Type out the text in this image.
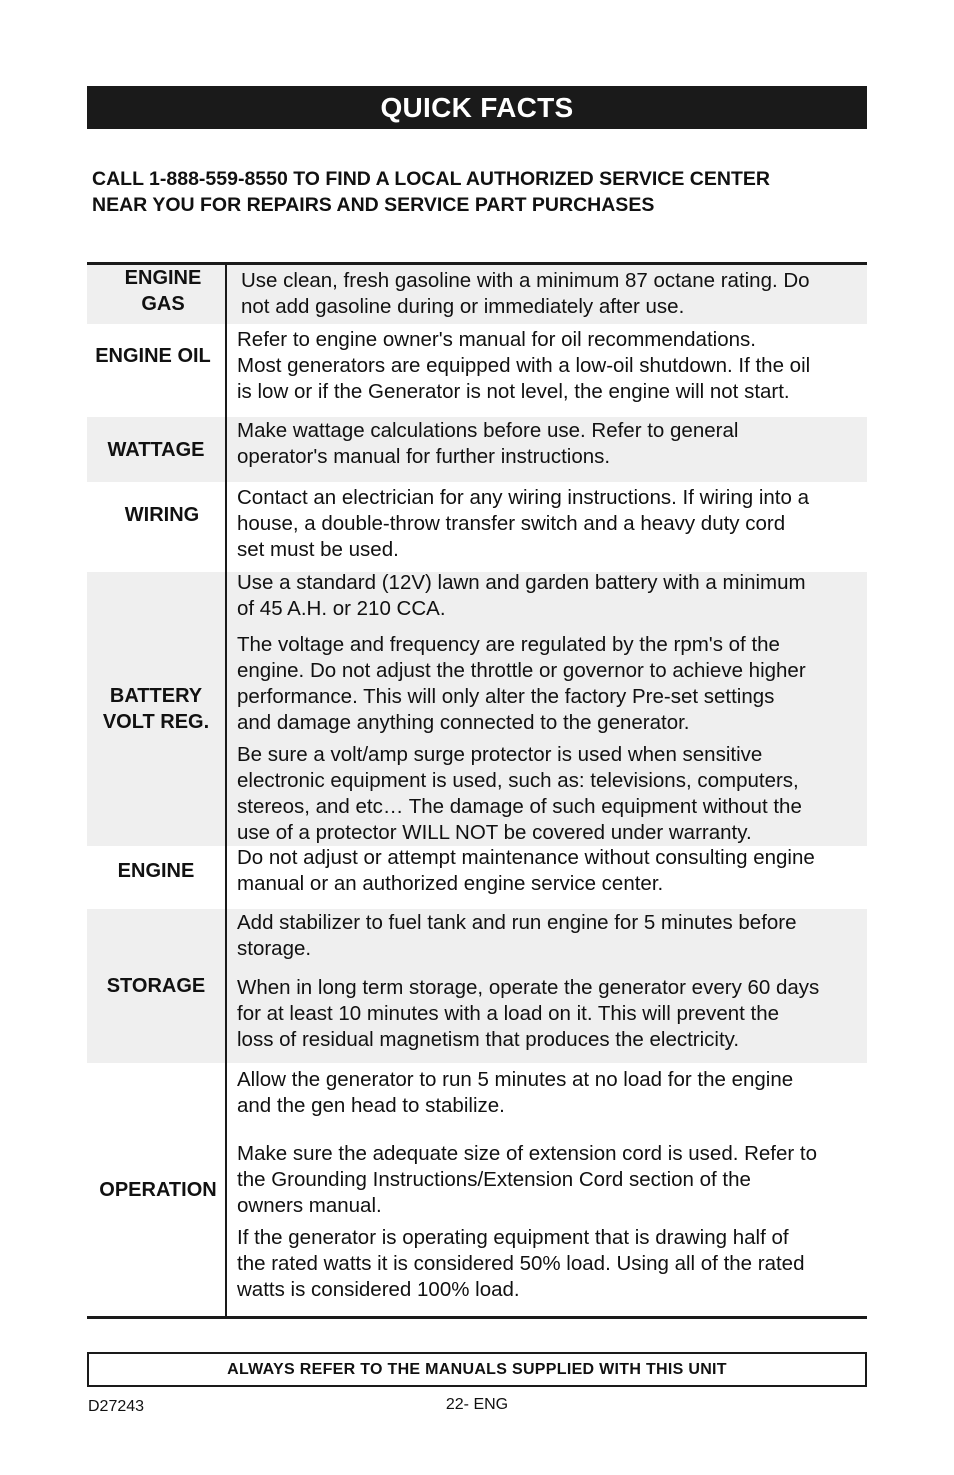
QUICK FACTS
CALL 1-888-559-8550 TO FIND A LOCAL AUTHORIZED SERVICE CENTER
NEAR YOU FOR REPAIRS AND SERVICE PART PURCHASES
ENGINE
GAS
Use clean, fresh gasoline with a minimum 87 octane rating. Do
not add gasoline during or immediately after use.
ENGINE OIL
Refer to engine owner's manual for oil recommendations.
Most generators are equipped with a low-oil shutdown. If the oil
is low or if the Generator is not level, the engine will not start.
WATTAGE
Make wattage calculations before use. Refer to general
operator's manual for further instructions.
WIRING
Contact an electrician for any wiring instructions. If wiring into a
house, a double-throw transfer switch and a heavy duty cord
set must be used.
BATTERY
VOLT REG.
Use a standard (12V) lawn and garden battery with a minimum
of 45 A.H. or 210 CCA.
The voltage and frequency are regulated by the rpm's of the
engine. Do not adjust the throttle or governor to achieve higher
performance. This will only alter the factory Pre-set settings
and damage anything connected to the generator.
Be sure a volt/amp surge protector is used when sensitive
electronic equipment is used, such as: televisions, computers,
stereos, and etc… The damage of such equipment without the
use of a protector WILL NOT be covered under warranty.
ENGINE
Do not adjust or attempt maintenance without consulting engine
manual or an authorized engine service center.
STORAGE
Add stabilizer to fuel tank and run engine for 5 minutes before
storage.
When in long term storage, operate the generator every 60 days
for at least 10 minutes with a load on it. This will prevent the
loss of residual magnetism that produces the electricity.
OPERATION
Allow the generator to run 5 minutes at no load for the engine
and the gen head to stabilize.
Make sure the adequate size of extension cord is used. Refer to
the Grounding Instructions/Extension Cord section of the
owners manual.
If the generator is operating equipment that is drawing half of
the rated watts it is considered 50% load. Using all of the rated
watts is considered 100% load.
ALWAYS REFER TO THE MANUALS SUPPLIED WITH THIS UNIT
D27243	22- ENG
